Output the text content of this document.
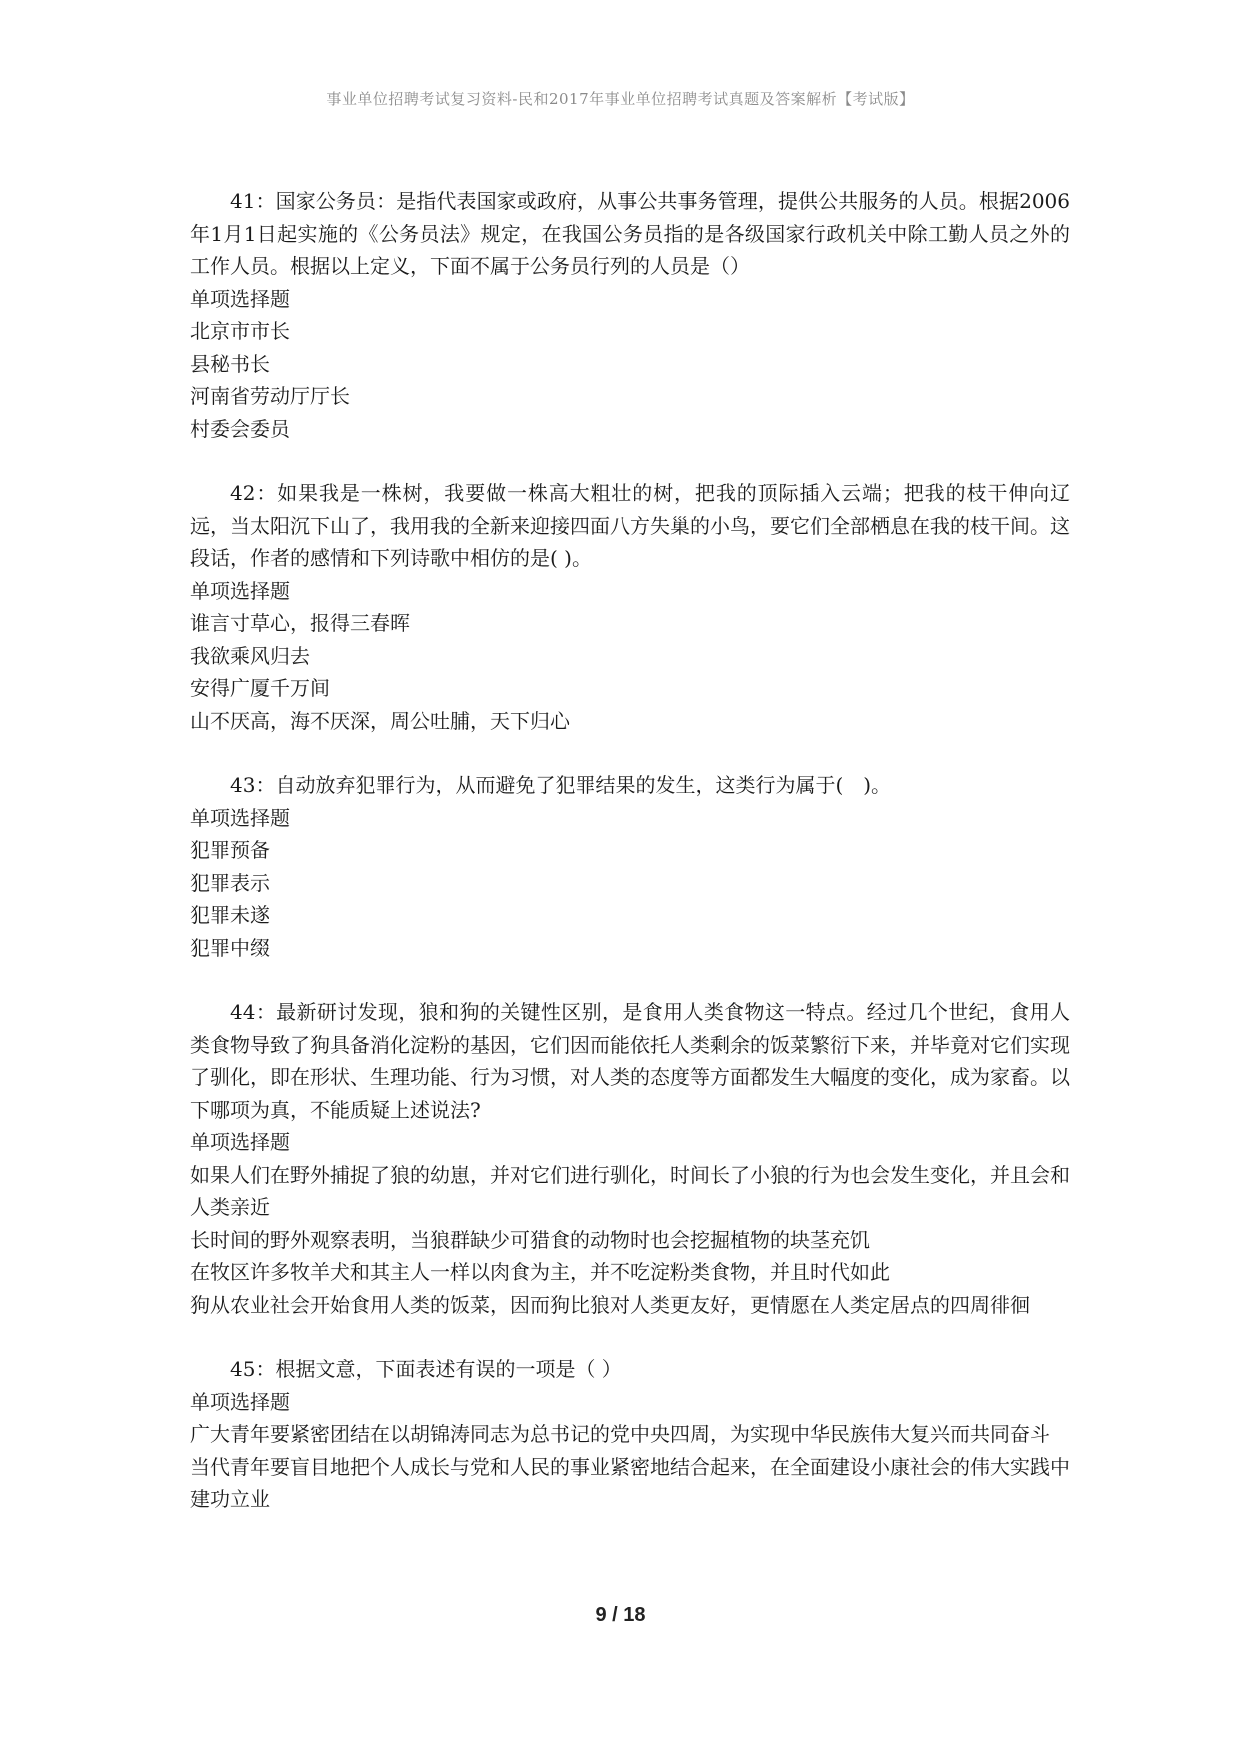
事业单位招聘考试复习资料-民和2017年事业单位招聘考试真题及答案解析【考试版】

41：国家公务员：是指代表国家或政府，从事公共事务管理，提供公共服务的人员。根据2006年1月1日起实施的《公务员法》规定，在我国公务员指的是各级国家行政机关中除工勤人员之外的工作人员。根据以上定义，下面不属于公务员行列的人员是（）

单项选择题

北京市市长

县秘书长

河南省劳动厅厅长

村委会委员

42：如果我是一株树，我要做一株高大粗壮的树，把我的顶际插入云端；把我的枝干伸向辽远，当太阳沉下山了，我用我的全新来迎接四面八方失巢的小鸟，要它们全部栖息在我的枝干间。这段话，作者的感情和下列诗歌中相仿的是( )。

单项选择题

谁言寸草心，报得三春晖

我欲乘风归去

安得广厦千万间

山不厌高，海不厌深，周公吐脯，天下归心

43：自动放弃犯罪行为，从而避免了犯罪结果的发生，这类行为属于(　)。

单项选择题

犯罪预备

犯罪表示

犯罪未遂

犯罪中缀

44：最新研讨发现，狼和狗的关键性区别，是食用人类食物这一特点。经过几个世纪，食用人类食物导致了狗具备消化淀粉的基因，它们因而能依托人类剩余的饭菜繁衍下来，并毕竟对它们实现了驯化，即在形状、生理功能、行为习惯，对人类的态度等方面都发生大幅度的变化，成为家畜。以下哪项为真，不能质疑上述说法?

单项选择题

如果人们在野外捕捉了狼的幼崽，并对它们进行驯化，时间长了小狼的行为也会发生变化，并且会和人类亲近

长时间的野外观察表明，当狼群缺少可猎食的动物时也会挖掘植物的块茎充饥

在牧区许多牧羊犬和其主人一样以肉食为主，并不吃淀粉类食物，并且时代如此

狗从农业社会开始食用人类的饭菜，因而狗比狼对人类更友好，更情愿在人类定居点的四周徘徊

45：根据文意，下面表述有误的一项是（ ）

单项选择题

广大青年要紧密团结在以胡锦涛同志为总书记的党中央四周，为实现中华民族伟大复兴而共同奋斗

当代青年要盲目地把个人成长与党和人民的事业紧密地结合起来，在全面建设小康社会的伟大实践中建功立业

9 / 18
